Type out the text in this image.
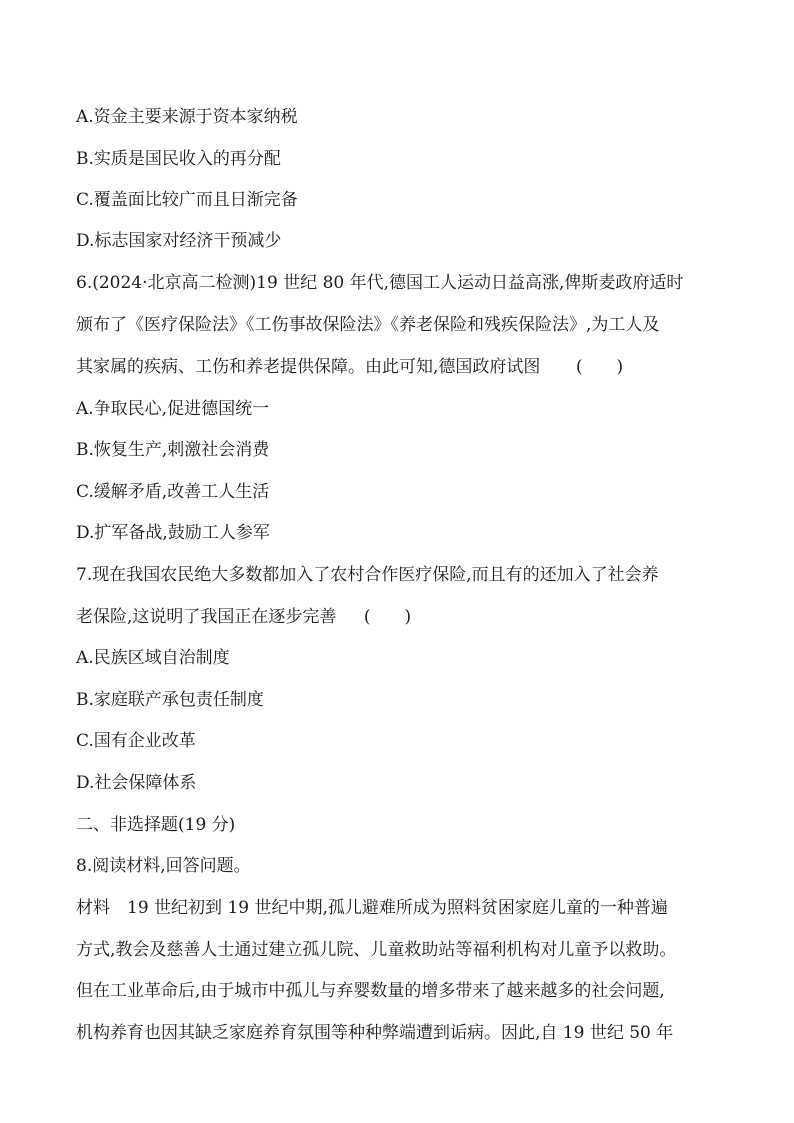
A.资金主要来源于资本家纳税
B.实质是国民收入的再分配
C.覆盖面比较广而且日渐完备
D.标志国家对经济干预减少
6.(2024·北京高二检测)19 世纪 80 年代,德国工人运动日益高涨,俾斯麦政府适时
颁布了《医疗保险法》《工伤事故保险法》《养老保险和残疾保险法》,为工人及
其家属的疾病、工伤和养老提供保障。由此可知,德国政府试图 (　　)
A.争取民心,促进德国统一
B.恢复生产,刺激社会消费
C.缓解矛盾,改善工人生活
D.扩军备战,鼓励工人参军
7.现在我国农民绝大多数都加入了农村合作医疗保险,而且有的还加入了社会养
老保险,这说明了我国正在逐步完善 (　　)
A.民族区域自治制度
B.家庭联产承包责任制度
C.国有企业改革
D.社会保障体系
二、非选择题(19 分)
8.阅读材料,回答问题。
材料　19 世纪初到 19 世纪中期,孤儿避难所成为照料贫困家庭儿童的一种普遍
方式,教会及慈善人士通过建立孤儿院、儿童救助站等福利机构对儿童予以救助。
但在工业革命后,由于城市中孤儿与弃婴数量的增多带来了越来越多的社会问题,
机构养育也因其缺乏家庭养育氛围等种种弊端遭到诟病。因此,自 19 世纪 50 年
